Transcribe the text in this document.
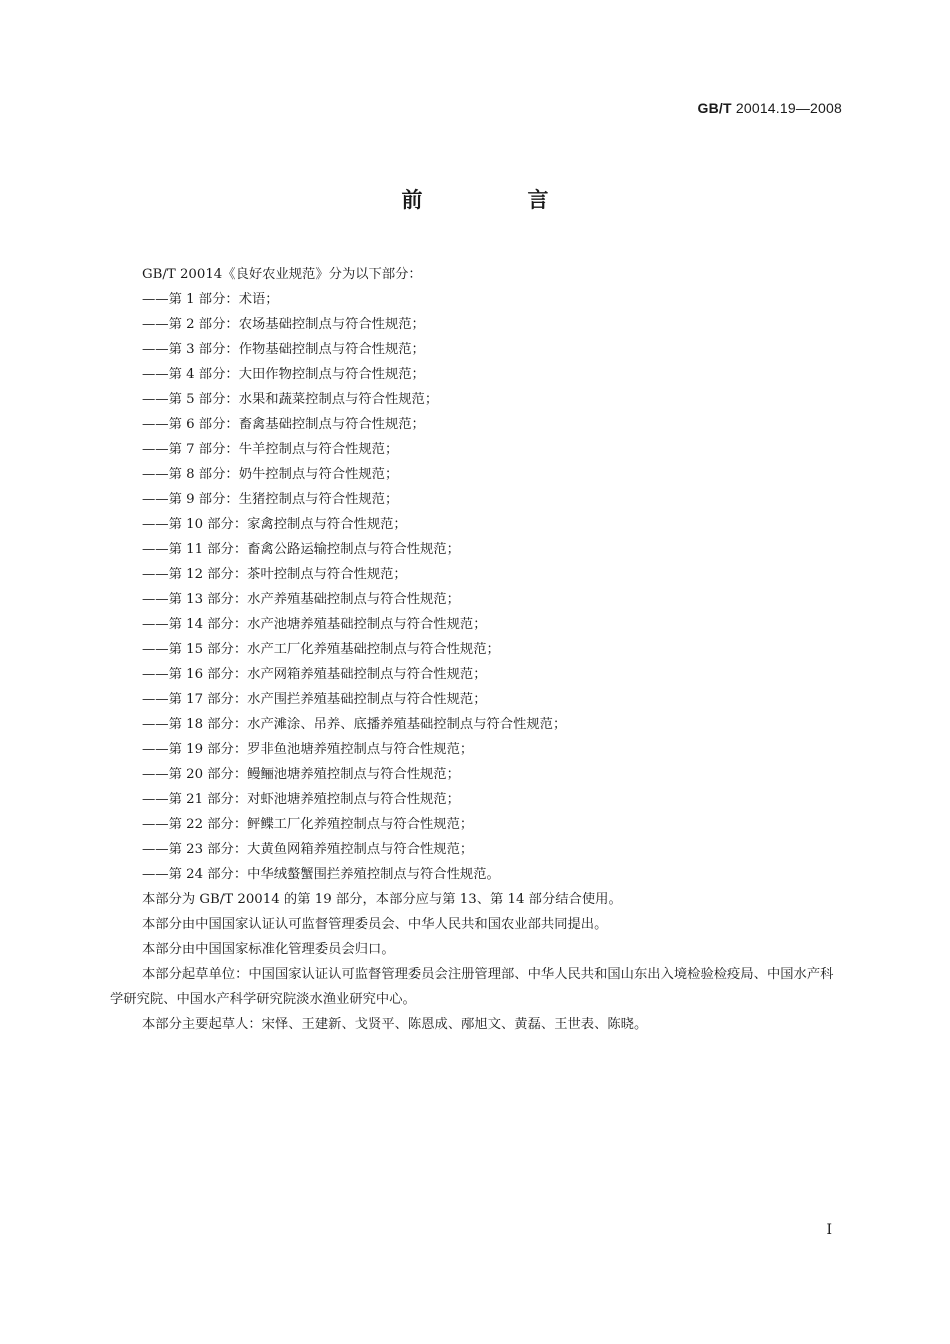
GB/T 20014.19—2008
前　言
GB/T 20014《良好农业规范》分为以下部分：
——第 1 部分：术语；
——第 2 部分：农场基础控制点与符合性规范；
——第 3 部分：作物基础控制点与符合性规范；
——第 4 部分：大田作物控制点与符合性规范；
——第 5 部分：水果和蔬菜控制点与符合性规范；
——第 6 部分：畜禽基础控制点与符合性规范；
——第 7 部分：牛羊控制点与符合性规范；
——第 8 部分：奶牛控制点与符合性规范；
——第 9 部分：生猪控制点与符合性规范；
——第 10 部分：家禽控制点与符合性规范；
——第 11 部分：畜禽公路运输控制点与符合性规范；
——第 12 部分：茶叶控制点与符合性规范；
——第 13 部分：水产养殖基础控制点与符合性规范；
——第 14 部分：水产池塘养殖基础控制点与符合性规范；
——第 15 部分：水产工厂化养殖基础控制点与符合性规范；
——第 16 部分：水产网箱养殖基础控制点与符合性规范；
——第 17 部分：水产围拦养殖基础控制点与符合性规范；
——第 18 部分：水产滩涂、吊养、底播养殖基础控制点与符合性规范；
——第 19 部分：罗非鱼池塘养殖控制点与符合性规范；
——第 20 部分：鳗鲡池塘养殖控制点与符合性规范；
——第 21 部分：对虾池塘养殖控制点与符合性规范；
——第 22 部分：鲆鲽工厂化养殖控制点与符合性规范；
——第 23 部分：大黄鱼网箱养殖控制点与符合性规范；
——第 24 部分：中华绒螯蟹围拦养殖控制点与符合性规范。
本部分为 GB/T 20014 的第 19 部分，本部分应与第 13、第 14 部分结合使用。
本部分由中国国家认证认可监督管理委员会、中华人民共和国农业部共同提出。
本部分由中国国家标准化管理委员会归口。
本部分起草单位：中国国家认证认可监督管理委员会注册管理部、中华人民共和国山东出入境检验检疫局、中国水产科学研究院、中国水产科学研究院淡水渔业研究中心。
本部分主要起草人：宋怿、王建新、戈贤平、陈恩成、邴旭文、黄磊、王世表、陈晓。
I
